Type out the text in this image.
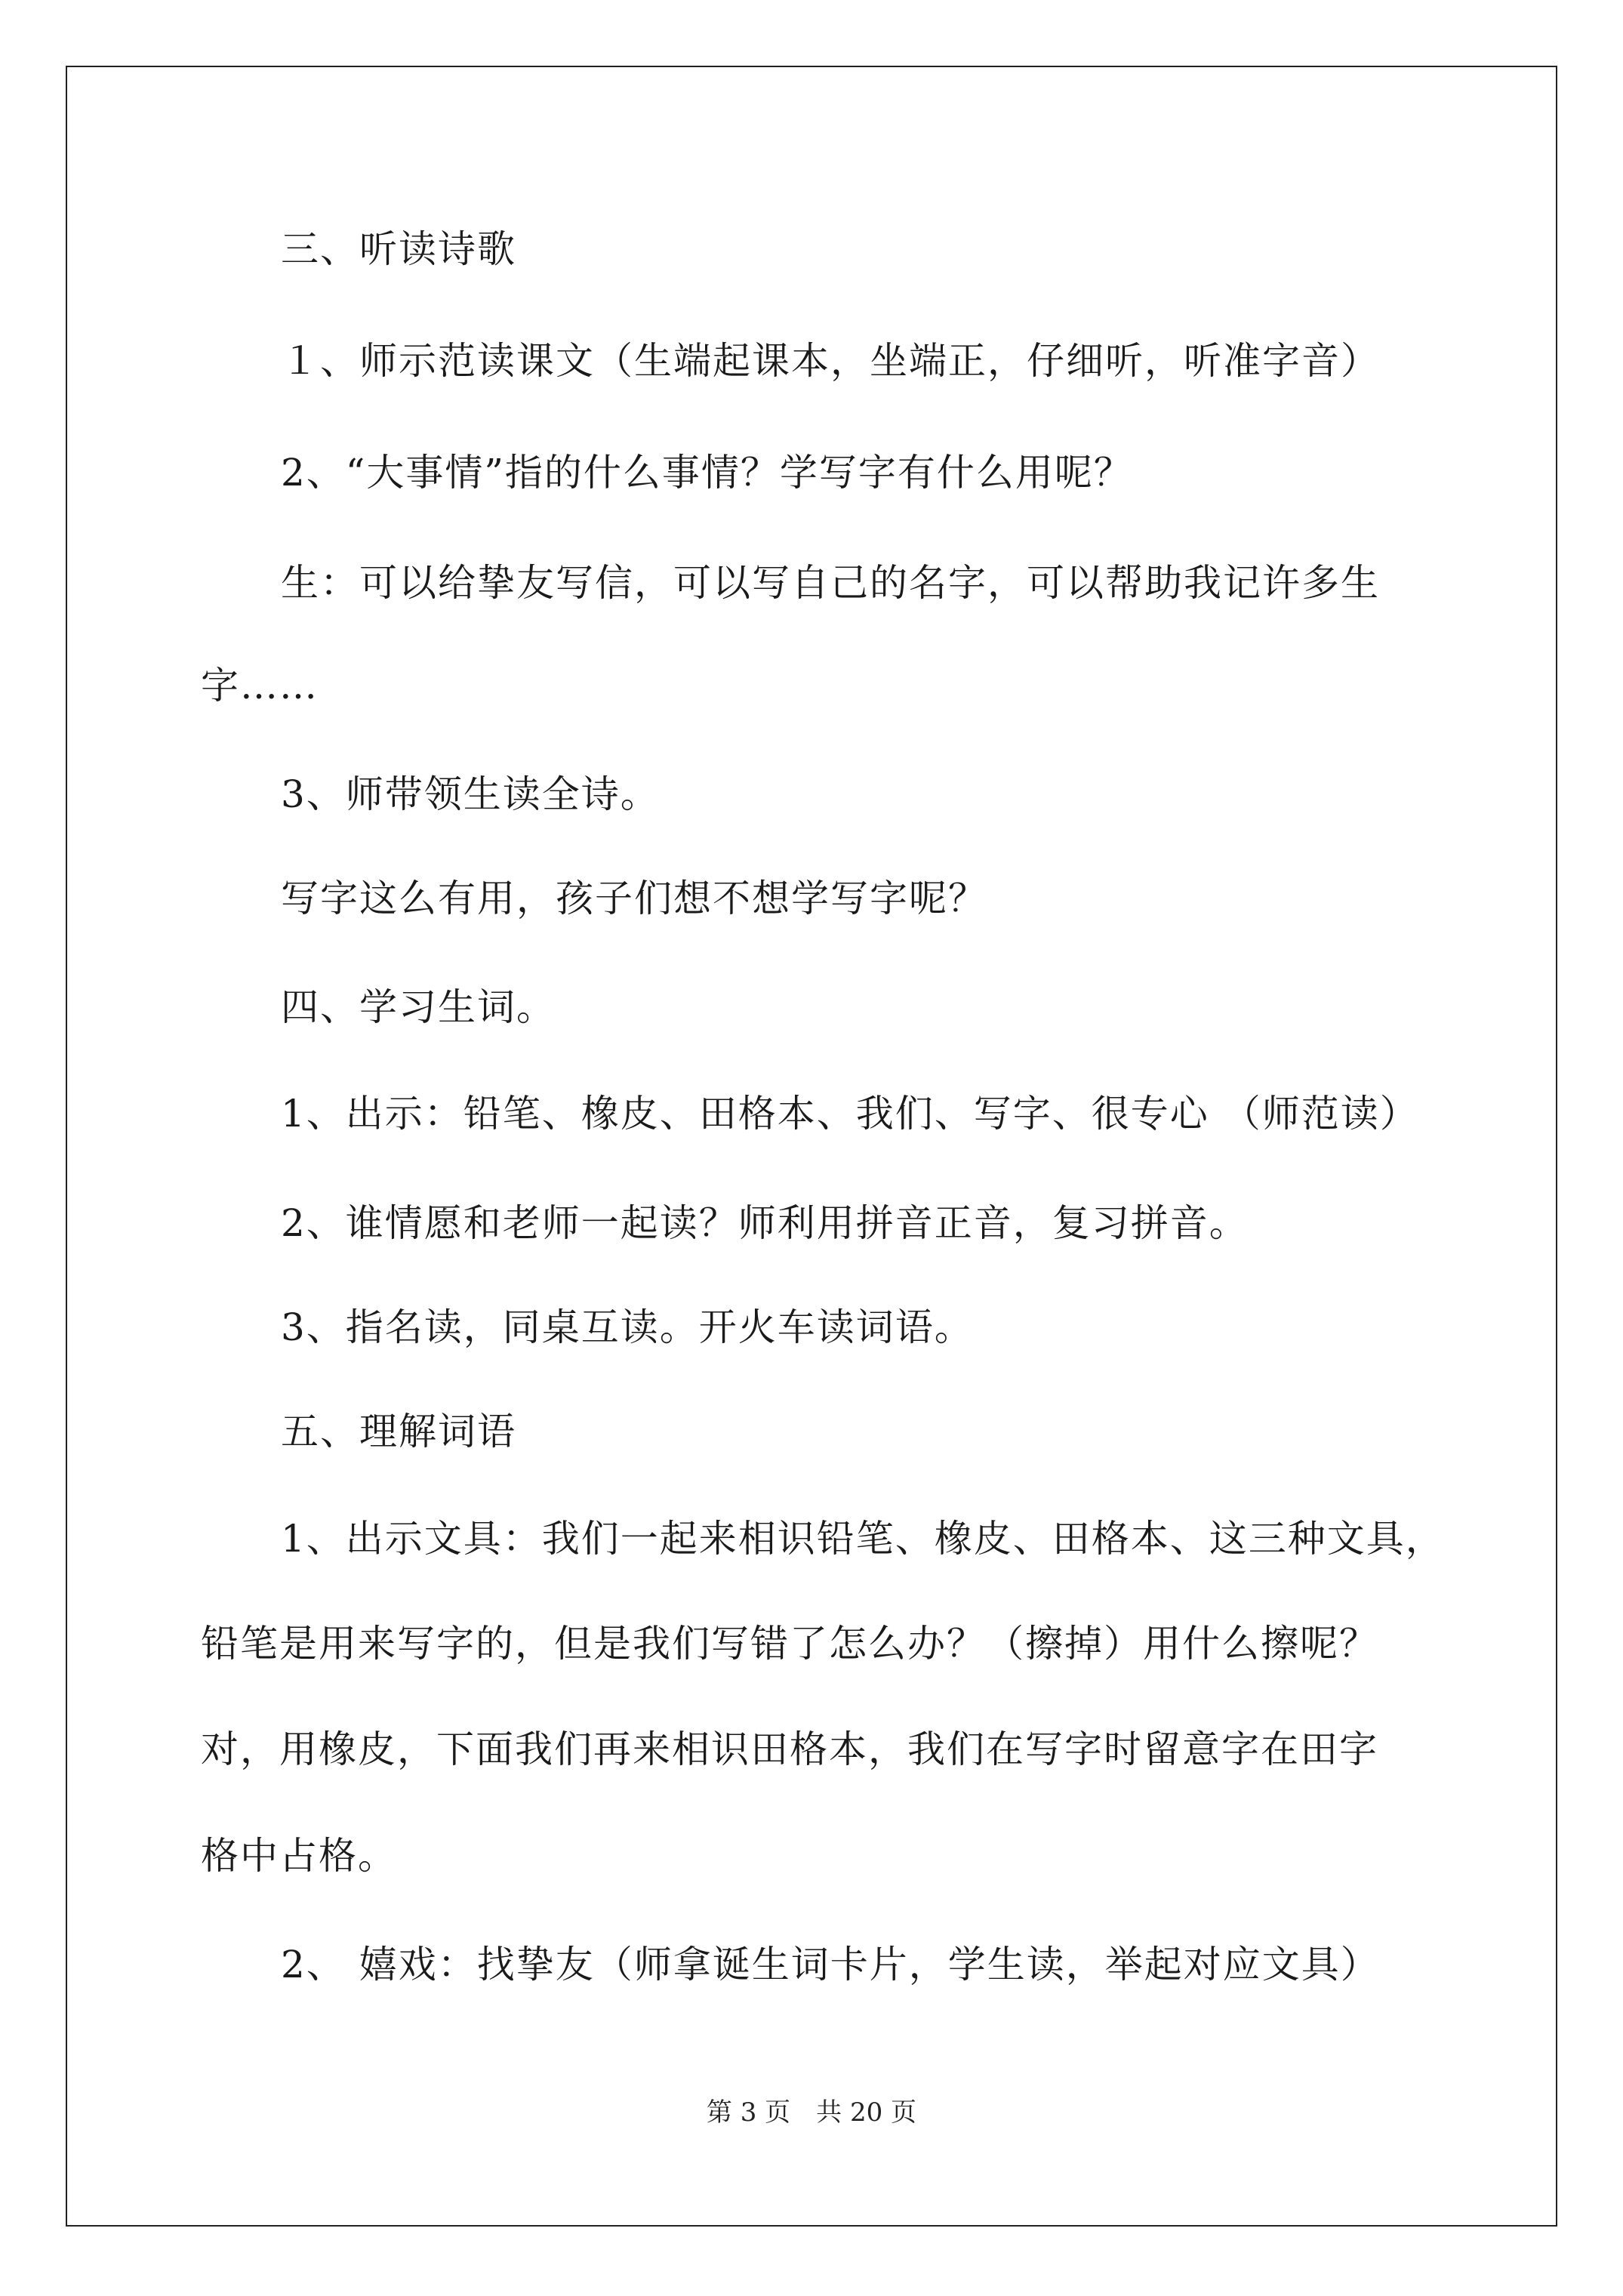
三、听读诗歌
１、师示范读课文（生端起课本，坐端正，仔细听，听准字音）
2、“大事情”指的什么事情？学写字有什么用呢？
生：可以给挚友写信，可以写自己的名字，可以帮助我记许多生
字……
3、师带领生读全诗。
写字这么有用，孩子们想不想学写字呢？
四、学习生词。
1、出示：铅笔、橡皮、田格本、我们、写字、很专心 （师范读）
2、谁情愿和老师一起读？师利用拼音正音，复习拼音。
3、指名读，同桌互读。开火车读词语。
五、理解词语
1、出示文具：我们一起来相识铅笔、橡皮、田格本、这三种文具，
铅笔是用来写字的，但是我们写错了怎么办？（擦掉）用什么擦呢？
对，用橡皮，下面我们再来相识田格本，我们在写字时留意字在田字
格中占格。
2、 嬉戏：找挚友（师拿诞生词卡片，学生读，举起对应文具）
第 3 页　共 20 页
